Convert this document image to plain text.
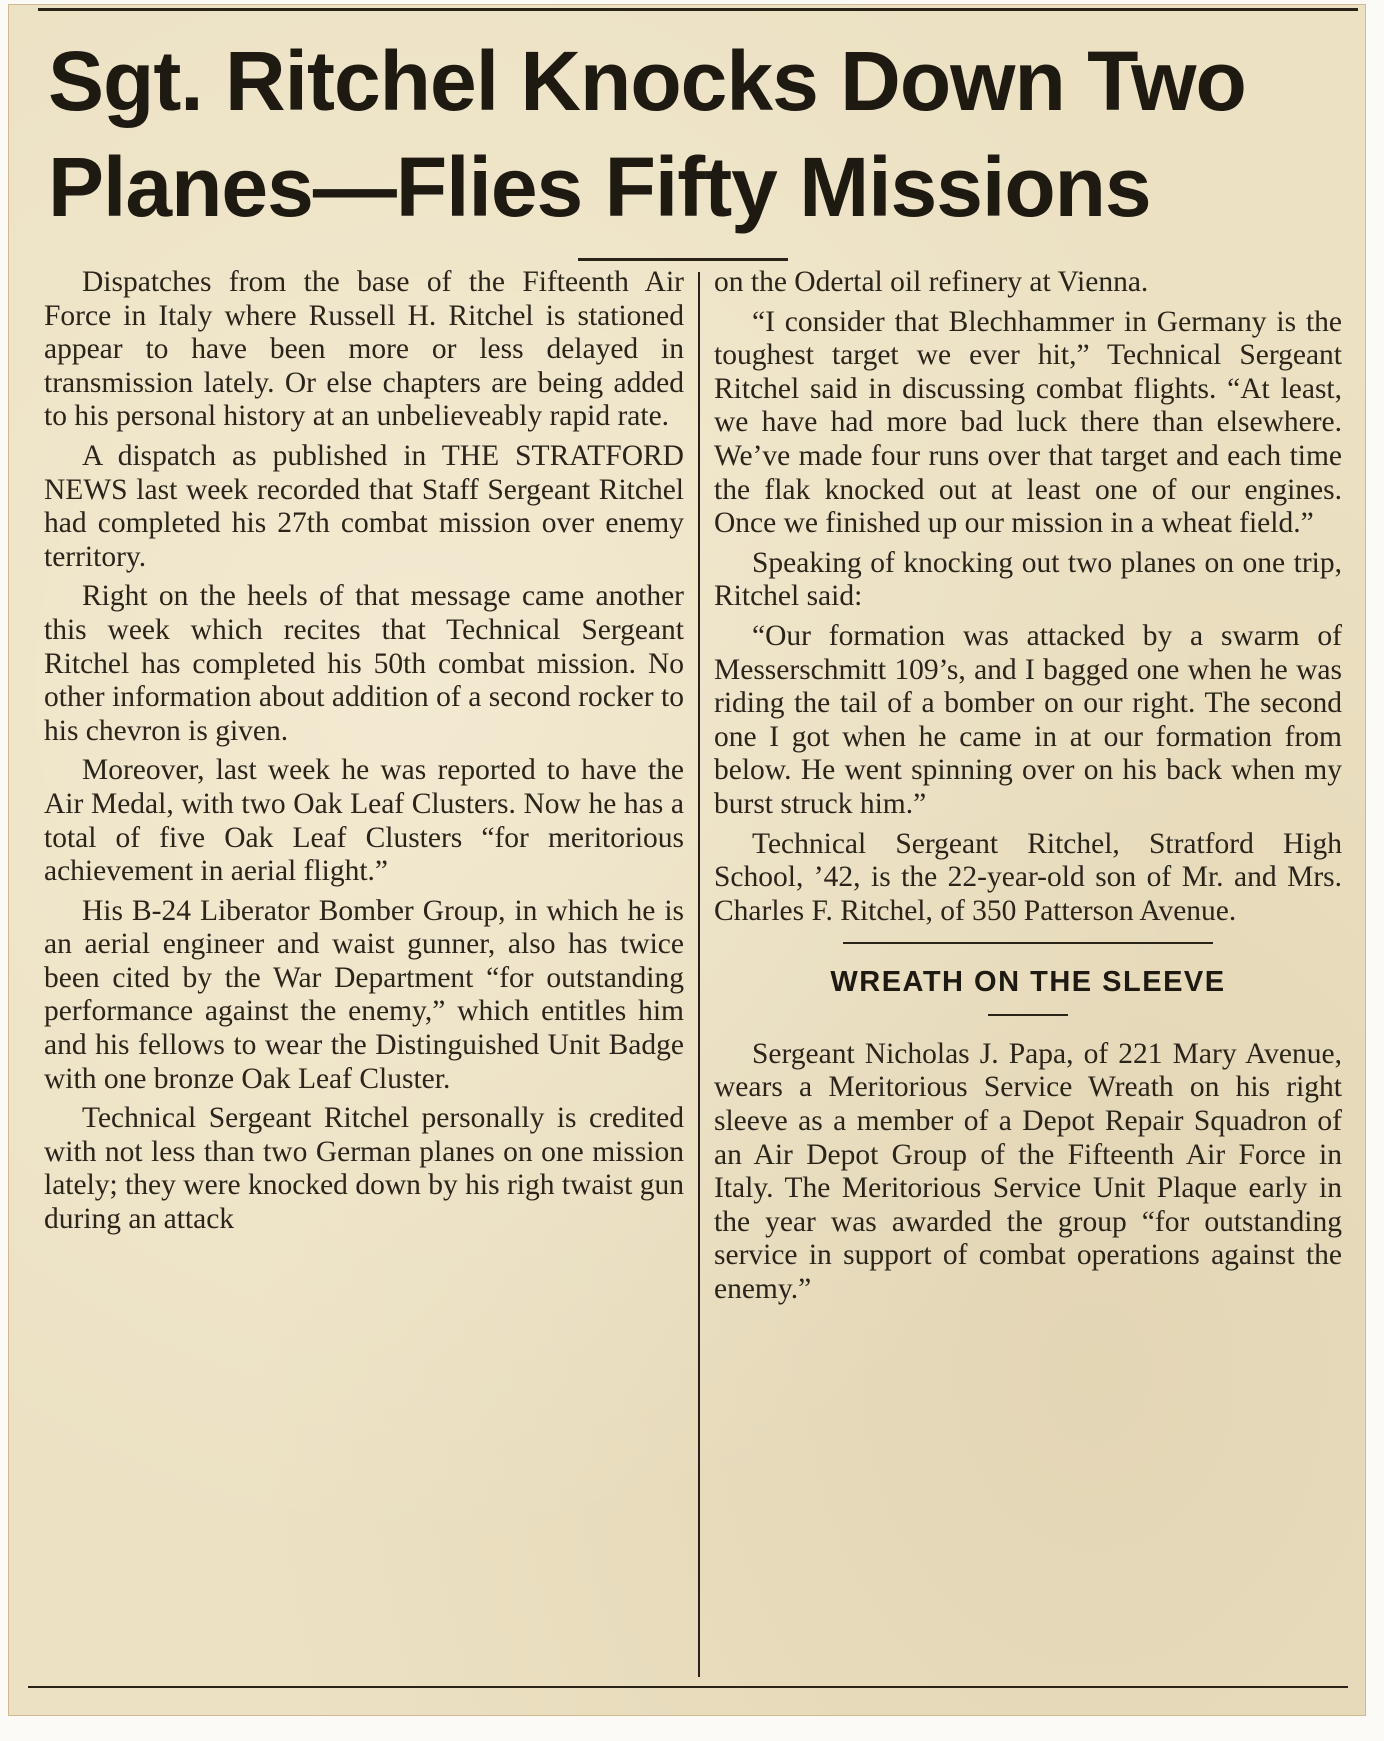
Sgt. Ritchel Knocks Down Two
Planes—Flies Fifty Missions

Dispatches from the base of the Fifteenth Air Force in Italy where Russell H. Ritchel is stationed appear to have been more or less delayed in transmission lately. Or else chapters are being added to his personal history at an unbelieveably rapid rate.

A dispatch as published in THE STRATFORD NEWS last week recorded that Staff Sergeant Ritchel had completed his 27th combat mission over enemy territory.

Right on the heels of that message came another this week which recites that Technical Sergeant Ritchel has completed his 50th combat mission. No other information about addition of a second rocker to his chevron is given.

Moreover, last week he was reported to have the Air Medal, with two Oak Leaf Clusters. Now he has a total of five Oak Leaf Clusters “for meritorious achievement in aerial flight.”

His B-24 Liberator Bomber Group, in which he is an aerial engineer and waist gunner, also has twice been cited by the War Department “for outstanding performance against the enemy,” which entitles him and his fellows to wear the Distinguished Unit Badge with one bronze Oak Leaf Cluster.

Technical Sergeant Ritchel personally is credited with not less than two German planes on one mission lately; they were knocked down by his righ twaist gun during an attack

on the Odertal oil refinery at Vienna.

“I consider that Blechhammer in Germany is the toughest target we ever hit,” Technical Sergeant Ritchel said in discussing combat flights. “At least, we have had more bad luck there than elsewhere. We’ve made four runs over that target and each time the flak knocked out at least one of our engines. Once we finished up our mission in a wheat field.”

Speaking of knocking out two planes on one trip, Ritchel said:

“Our formation was attacked by a swarm of Messerschmitt 109’s, and I bagged one when he was riding the tail of a bomber on our right. The second one I got when he came in at our formation from below. He went spinning over on his back when my burst struck him.”

Technical Sergeant Ritchel, Stratford High School, ’42, is the 22-year-old son of Mr. and Mrs. Charles F. Ritchel, of 350 Patterson Avenue.

WREATH ON THE SLEEVE

Sergeant Nicholas J. Papa, of 221 Mary Avenue, wears a Meritorious Service Wreath on his right sleeve as a member of a Depot Repair Squadron of an Air Depot Group of the Fifteenth Air Force in Italy. The Meritorious Service Unit Plaque early in the year was awarded the group “for outstanding service in support of combat operations against the enemy.”
